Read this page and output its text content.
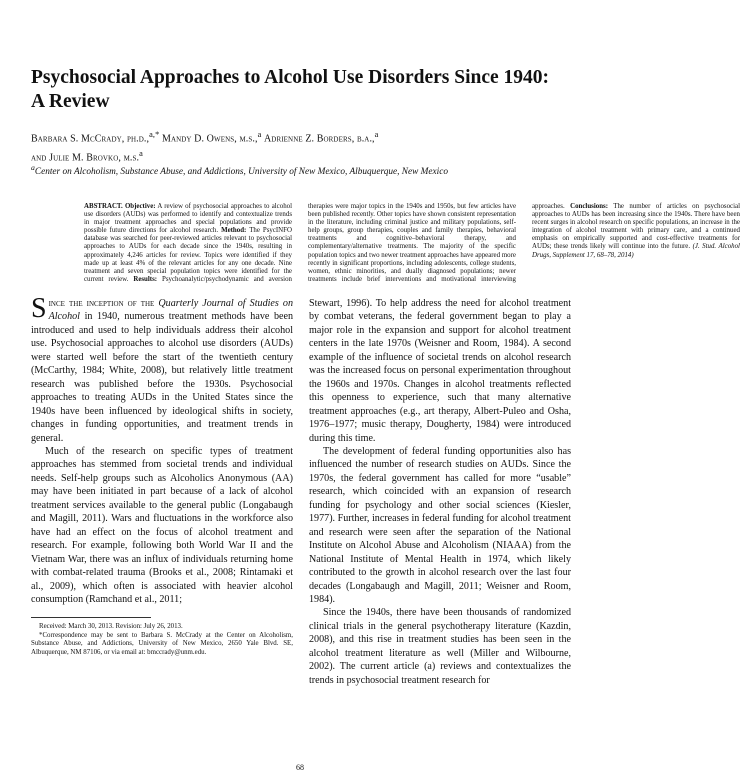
Psychosocial Approaches to Alcohol Use Disorders Since 1940: A Review
Barbara S. McCrady, ph.d.,$^{a,*}$ Mandy D. Owens, m.s.,$^a$ Adrienne Z. Borders, b.a.,$^a$
and Julie M. Brovko, m.s.$^a$
$^a$Center on Alcoholism, Substance Abuse, and Addictions, University of New Mexico, Albuquerque, New Mexico
ABSTRACT. Objective: A review of psychosocial approaches to alcohol use disorders (AUDs) was performed to identify and contextualize trends in major treatment approaches and special populations and provide possible future directions for alcohol research. Method: The PsycINFO database was searched for peer-reviewed articles relevant to psychosocial approaches to AUDs for each decade since the 1940s, resulting in approximately 4,246 articles for review. Topics were identified if they made up at least 4% of the relevant articles for any one decade. Nine treatment and seven special population topics were identified for the current review. Results: Psychoanalytic/psychodynamic and aversion therapies were major topics in the 1940s and 1950s, but few articles have been published recently. Other topics have shown consistent representation in the literature, including criminal justice and military populations, self-help groups, group therapies, couples and family therapies, behavioral treatments and cognitive–behavioral therapy, and complementary/alternative treatments. The majority of the specific population topics and two newer treatment approaches have appeared more recently in significant proportions, including adolescents, college students, women, ethnic minorities, and dually diagnosed populations; newer treatments include brief interventions and motivational interviewing approaches. Conclusions: The number of articles on psychosocial approaches to AUDs has been increasing since the 1940s. There have been recent surges in alcohol research on specific populations, an increase in the integration of alcohol treatment with primary care, and a continued emphasis on empirically supported and cost-effective treatments for AUDs; these trends likely will continue into the future. (J. Stud. Alcohol Drugs, Supplement 17, 68–78, 2014)

Since the inception of the Quarterly Journal of Studies on Alcohol in 1940, numerous treatment methods have been introduced and used to help individuals address their alcohol use. Psychosocial approaches to alcohol use disorders (AUDs) were started well before the start of the twentieth century (McCarthy, 1984; White, 2008), but relatively little treatment research was published before the 1930s. Psychosocial approaches to treating AUDs in the United States since the 1940s have been influenced by ideological shifts in society, changes in funding opportunities, and treatment trends in general.

Much of the research on specific types of treatment approaches has stemmed from societal trends and individual needs. Self-help groups such as Alcoholics Anonymous (AA) may have been initiated in part because of a lack of alcohol treatment services available to the general public (Longabaugh and Magill, 2011). Wars and fluctuations in the workforce also have had an effect on the focus of alcohol treatment and research. For example, following both World War II and the Vietnam War, there was an influx of individuals returning home with combat-related trauma (Brooks et al., 2008; Rintamaki et al., 2009), which often is associated with heavier alcohol consumption (Ramchand et al., 2011;

Stewart, 1996). To help address the need for alcohol treatment by combat veterans, the federal government began to play a major role in the expansion and support for alcohol treatment centers in the late 1970s (Weisner and Room, 1984). A second example of the influence of societal trends on alcohol research was the increased focus on personal experimentation throughout the 1960s and 1970s. Changes in alcohol treatments reflected this openness to experience, such that many alternative treatment approaches (e.g., art therapy, Albert-Puleo and Osha, 1976–1977; music therapy, Dougherty, 1984) were introduced during this time.

The development of federal funding opportunities also has influenced the number of research studies on AUDs. Since the 1970s, the federal government has called for more “usable” research, which coincided with an expansion of research funding for psychology and other social sciences (Kiesler, 1977). Further, increases in federal funding for alcohol treatment and research were seen after the separation of the National Institute on Alcohol Abuse and Alcoholism (NIAAA) from the National Institute of Mental Health in 1974, which likely contributed to the growth in alcohol research over the last four decades (Longabaugh and Magill, 2011; Weisner and Room, 1984).

Since the 1940s, there have been thousands of randomized clinical trials in the general psychotherapy literature (Kazdin, 2008), and this rise in treatment studies has been seen in the alcohol treatment literature as well (Miller and Wilbourne, 2002). The current article (a) reviews and contextualizes the trends in psychosocial treatment research for

Received: March 30, 2013. Revision: July 26, 2013.

*Correspondence may be sent to Barbara S. McCrady at the Center on Alcoholism, Substance Abuse, and Addictions, University of New Mexico, 2650 Yale Blvd. SE, Albuquerque, NM 87106, or via email at: bmccrady@unm.edu.

68
